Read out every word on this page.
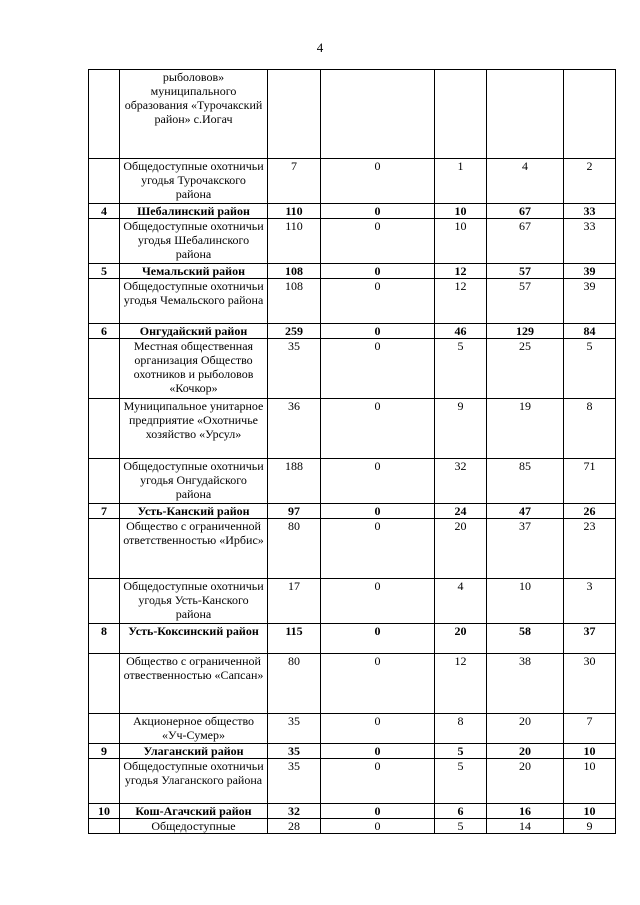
4
	рыболовов» муниципального образования «Турочакский район» с.Иогач					
	Общедоступные охотничьи угодья Турочакского района	7	0	1	4	2
4	Шебалинский район	110	0	10	67	33
	Общедоступные охотничьи угодья Шебалинского района	110	0	10	67	33
5	Чемальский район	108	0	12	57	39
	Общедоступные охотничьи угодья Чемальского района	108	0	12	57	39
6	Онгудайский район	259	0	46	129	84
	Местная общественная организация Общество охотников и рыболовов «Кочкор»	35	0	5	25	5
	Муниципальное унитарное предприятие «Охотничье хозяйство «Урсул»	36	0	9	19	8
	Общедоступные охотничьи угодья Онгудайского района	188	0	32	85	71
7	Усть-Канский район	97	0	24	47	26
	Общество с ограниченной ответственностью «Ирбис»	80	0	20	37	23
	Общедоступные охотничьи угодья Усть-Канского района	17	0	4	10	3
8	Усть-Коксинский район	115	0	20	58	37
	Общество с ограниченной отвественностью «Сапсан»	80	0	12	38	30
	Акционерное общество «Уч-Сумер»	35	0	8	20	7
9	Улаганский район	35	0	5	20	10
	Общедоступные охотничьи угодья Улаганского района	35	0	5	20	10
10	Кош-Агачский район	32	0	6	16	10
	Общедоступные	28	0	5	14	9
